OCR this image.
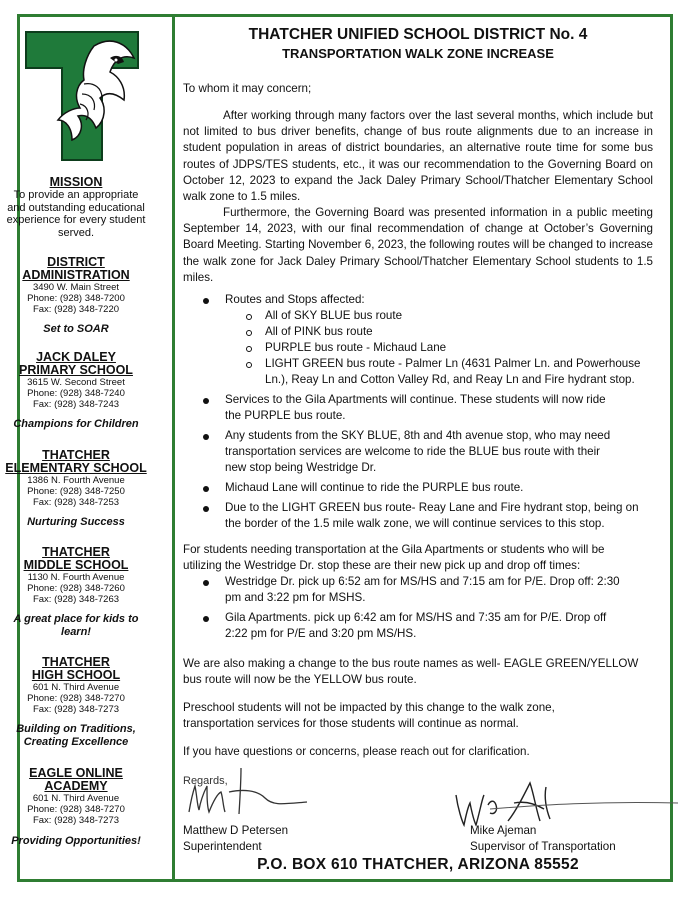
MISSION
To provide an appropriate
and outstanding educational
experience for every student
served.
DISTRICT
ADMINISTRATION
3490 W. Main Street
Phone: (928) 348-7200
Fax: (928) 348-7220
Set to SOAR
JACK DALEY
PRIMARY SCHOOL
3615 W. Second Street
Phone: (928) 348-7240
Fax: (928) 348-7243
Champions for Children
THATCHER
ELEMENTARY SCHOOL
1386 N. Fourth Avenue
Phone: (928) 348-7250
Fax: (928) 348-7253
Nurturing Success
THATCHER
MIDDLE SCHOOL
1130 N. Fourth Avenue
Phone: (928) 348-7260
Fax: (928) 348-7263
A great place for kids to
learn!
THATCHER
HIGH SCHOOL
601 N. Third Avenue
Phone: (928) 348-7270
Fax: (928) 348-7273
Building on Traditions,
Creating Excellence
EAGLE ONLINE
ACADEMY
601 N. Third Avenue
Phone: (928) 348-7270
Fax: (928) 348-7273
Providing Opportunities!
THATCHER UNIFIED SCHOOL DISTRICT No. 4
TRANSPORTATION WALK ZONE INCREASE
To whom it may concern;
After working through many factors over the last several months, which include but not limited to bus driver benefits, change of bus route alignments due to an increase in student population in areas of district boundaries, an alternative route time for some bus routes of JDPS/TES students, etc., it was our recommendation to the Governing Board on October 12, 2023 to expand the Jack Daley Primary School/Thatcher Elementary School walk zone to 1.5 miles.
Furthermore, the Governing Board was presented information in a public meeting September 14, 2023, with our final recommendation of change at October’s Governing Board Meeting. Starting November 6, 2023, the following routes will be changed to increase the walk zone for Jack Daley Primary School/Thatcher Elementary School students to 1.5 miles.
Routes and Stops affected:
All of SKY BLUE bus route
All of PINK bus route
PURPLE bus route - Michaud Lane
LIGHT GREEN bus route - Palmer Ln (4631 Palmer Ln. and Powerhouse
Ln.), Reay Ln and Cotton Valley Rd, and Reay Ln and Fire hydrant stop.
Services to the Gila Apartments will continue. These students will now ride
the PURPLE bus route.
Any students from the SKY BLUE, 8th and 4th avenue stop, who may need
transportation services are welcome to ride the BLUE bus route with their
new stop being Westridge Dr.
Michaud Lane will continue to ride the PURPLE bus route.
Due to the LIGHT GREEN bus route- Reay Lane and Fire hydrant stop, being on
the border of the 1.5 mile walk zone, we will continue services to this stop.
For students needing transportation at the Gila Apartments or students who will be
utilizing the Westridge Dr. stop these are their new pick up and drop off times:
Westridge Dr. pick up 6:52 am for MS/HS and 7:15 am for P/E. Drop off: 2:30
pm and 3:22 pm for MSHS.
Gila Apartments. pick up 6:42 am for MS/HS and 7:35 am for P/E. Drop off
2:22 pm for P/E and 3:20 pm MS/HS.
We are also making a change to the bus route names as well- EAGLE GREEN/YELLOW
bus route will now be the YELLOW bus route.
Preschool students will not be impacted by this change to the walk zone,
transportation services for those students will continue as normal.
If you have questions or concerns, please reach out for clarification.
Regards,
Matthew D Petersen
Superintendent
Mike Ajeman
Supervisor of Transportation
P.O. BOX 610 THATCHER, ARIZONA 85552
